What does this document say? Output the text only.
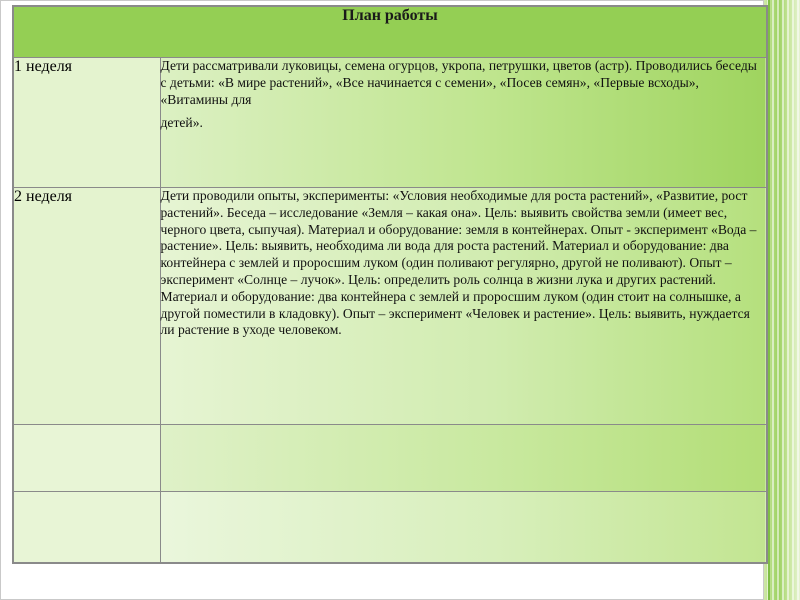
План работы	
1 неделя	Дети рассматривали луковицы, семена огурцов, укропа, петрушки, цветов (астр). Проводились беседы с детьми: «В мире растений», «Все начинается с семени», «Посев семян», «Первые всходы», «Витамины для

детей».

2 неделя	Дети проводили опыты, эксперименты: «Условия необходимые для роста растений», «Развитие, рост растений». Беседа – исследование «Земля – какая она». Цель: выявить свойства земли (имеет вес, черного цвета, сыпучая). Материал и оборудование: земля в контейнерах. Опыт - эксперимент «Вода – растение». Цель: выявить, необходима ли вода для роста растений. Материал и оборудование: два контейнера с землей и проросшим луком (один поливают регулярно, другой не поливают). Опыт – эксперимент «Солнце – лучок». Цель: определить роль солнца в жизни лука и других растений. Материал и оборудование: два контейнера с землей и проросшим луком (один стоит на солнышке, а другой поместили в кладовку). Опыт – эксперимент «Человек и растение». Цель: выявить, нуждается ли растение в уходе человеком.
